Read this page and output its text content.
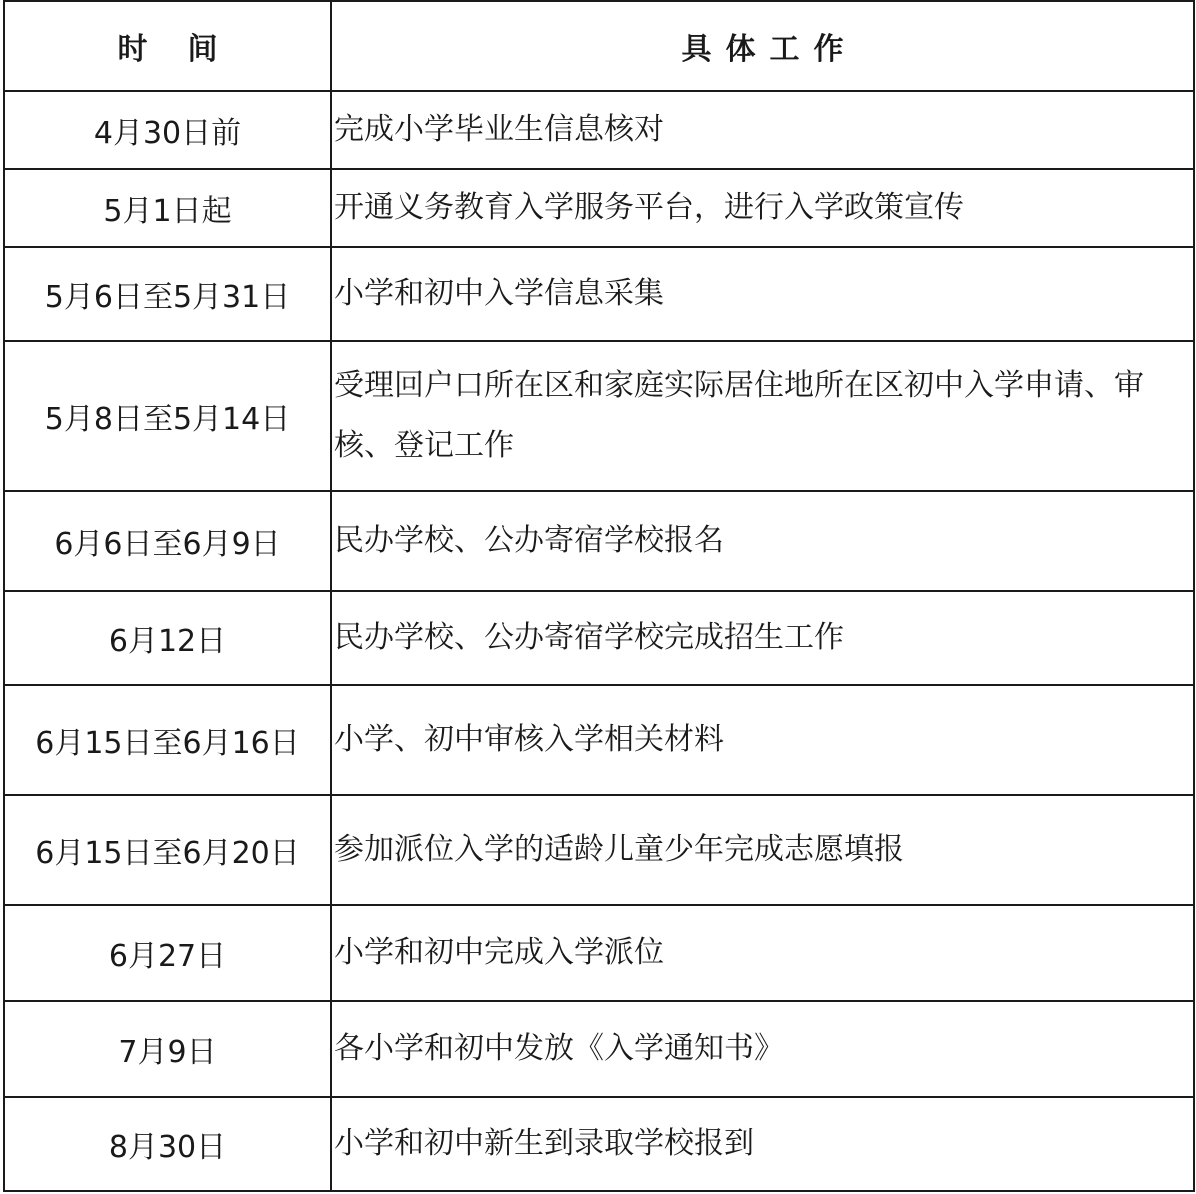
时间	具体工作
4月30日前	完成小学毕业生信息核对
5月1日起	开通义务教育入学服务平台，进行入学政策宣传
5月6日至5月31日	小学和初中入学信息采集
5月8日至5月14日	受理回户口所在区和家庭实际居住地所在区初中入学申请、审核、登记工作
6月6日至6月9日	民办学校、公办寄宿学校报名
6月12日	民办学校、公办寄宿学校完成招生工作
6月15日至6月16日	小学、初中审核入学相关材料
6月15日至6月20日	参加派位入学的适龄儿童少年完成志愿填报
6月27日	小学和初中完成入学派位
7月9日	各小学和初中发放《入学通知书》
8月30日	小学和初中新生到录取学校报到
